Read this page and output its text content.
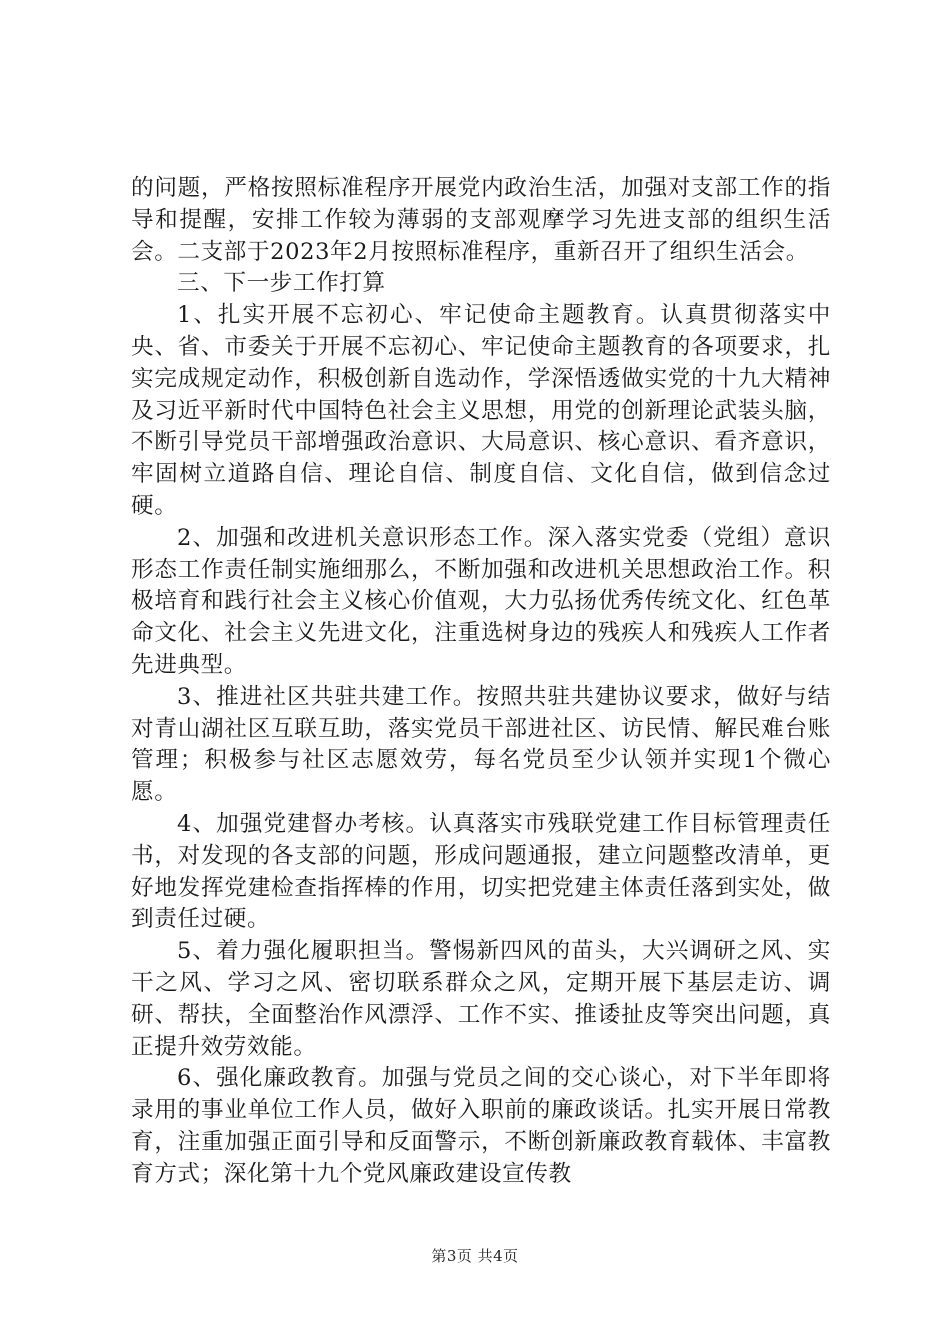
的问题，严格按照标准程序开展党内政治生活，加强对支部工作的指导和提醒，安排工作较为薄弱的支部观摩学习先进支部的组织生活会。二支部于2023年2月按照标准程序，重新召开了组织生活会。

三、下一步工作打算

1、扎实开展不忘初心、牢记使命主题教育。认真贯彻落实中央、省、市委关于开展不忘初心、牢记使命主题教育的各项要求，扎实完成规定动作，积极创新自选动作，学深悟透做实党的十九大精神及习近平新时代中国特色社会主义思想，用党的创新理论武装头脑，不断引导党员干部增强政治意识、大局意识、核心意识、看齐意识，牢固树立道路自信、理论自信、制度自信、文化自信，做到信念过硬。

2、加强和改进机关意识形态工作。深入落实党委（党组）意识形态工作责任制实施细那么，不断加强和改进机关思想政治工作。积极培育和践行社会主义核心价值观，大力弘扬优秀传统文化、红色革命文化、社会主义先进文化，注重选树身边的残疾人和残疾人工作者先进典型。

3、推进社区共驻共建工作。按照共驻共建协议要求，做好与结对青山湖社区互联互助，落实党员干部进社区、访民情、解民难台账管理；积极参与社区志愿效劳，每名党员至少认领并实现1个微心愿。

4、加强党建督办考核。认真落实市残联党建工作目标管理责任书，对发现的各支部的问题，形成问题通报，建立问题整改清单，更好地发挥党建检查指挥棒的作用，切实把党建主体责任落到实处，做到责任过硬。

5、着力强化履职担当。警惕新四风的苗头，大兴调研之风、实干之风、学习之风、密切联系群众之风，定期开展下基层走访、调研、帮扶，全面整治作风漂浮、工作不实、推诿扯皮等突出问题，真正提升效劳效能。

6、强化廉政教育。加强与党员之间的交心谈心，对下半年即将录用的事业单位工作人员，做好入职前的廉政谈话。扎实开展日常教育，注重加强正面引导和反面警示，不断创新廉政教育载体、丰富教育方式；深化第十九个党风廉政建设宣传教

第3页 共4页
